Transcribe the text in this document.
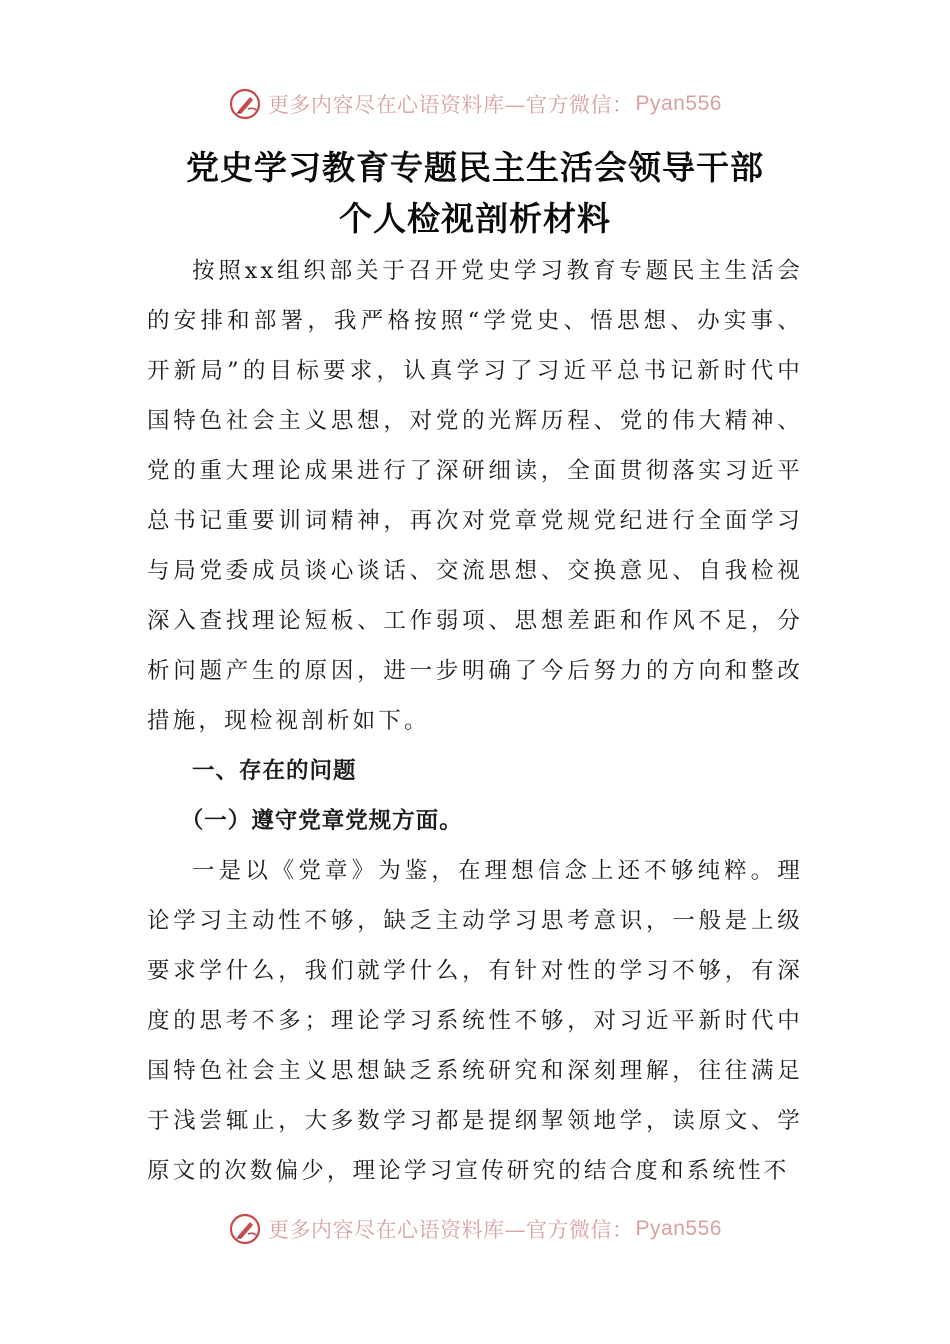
更多内容尽在心语资料库—官方微信： Pyan556
党史学习教育专题民主生活会领导干部
个人检视剖析材料

按照xx组织部关于召开党史学习教育专题民主生活会的安排和部署，我严格按照“学党史、悟思想、办实事、开新局”的目标要求，认真学习了习近平总书记新时代中国特色社会主义思想，对党的光辉历程、党的伟大精神、党的重大理论成果进行了深研细读，全面贯彻落实习近平总书记重要训词精神，再次对党章党规党纪进行全面学习与局党委成员谈心谈话、交流思想、交换意见、自我检视深入查找理论短板、工作弱项、思想差距和作风不足，分析问题产生的原因，进一步明确了今后努力的方向和整改措施，现检视剖析如下。

一、存在的问题
（一）遵守党章党规方面。

一是以《党章》为鉴，在理想信念上还不够纯粹。理论学习主动性不够，缺乏主动学习思考意识，一般是上级要求学什么，我们就学什么，有针对性的学习不够，有深度的思考不多；理论学习系统性不够，对习近平新时代中国特色社会主义思想缺乏系统研究和深刻理解，往往满足于浅尝辄止，大多数学习都是提纲挈领地学，读原文、学原文的次数偏少，理论学习宣传研究的结合度和系统性不

更多内容尽在心语资料库—官方微信： Pyan556
